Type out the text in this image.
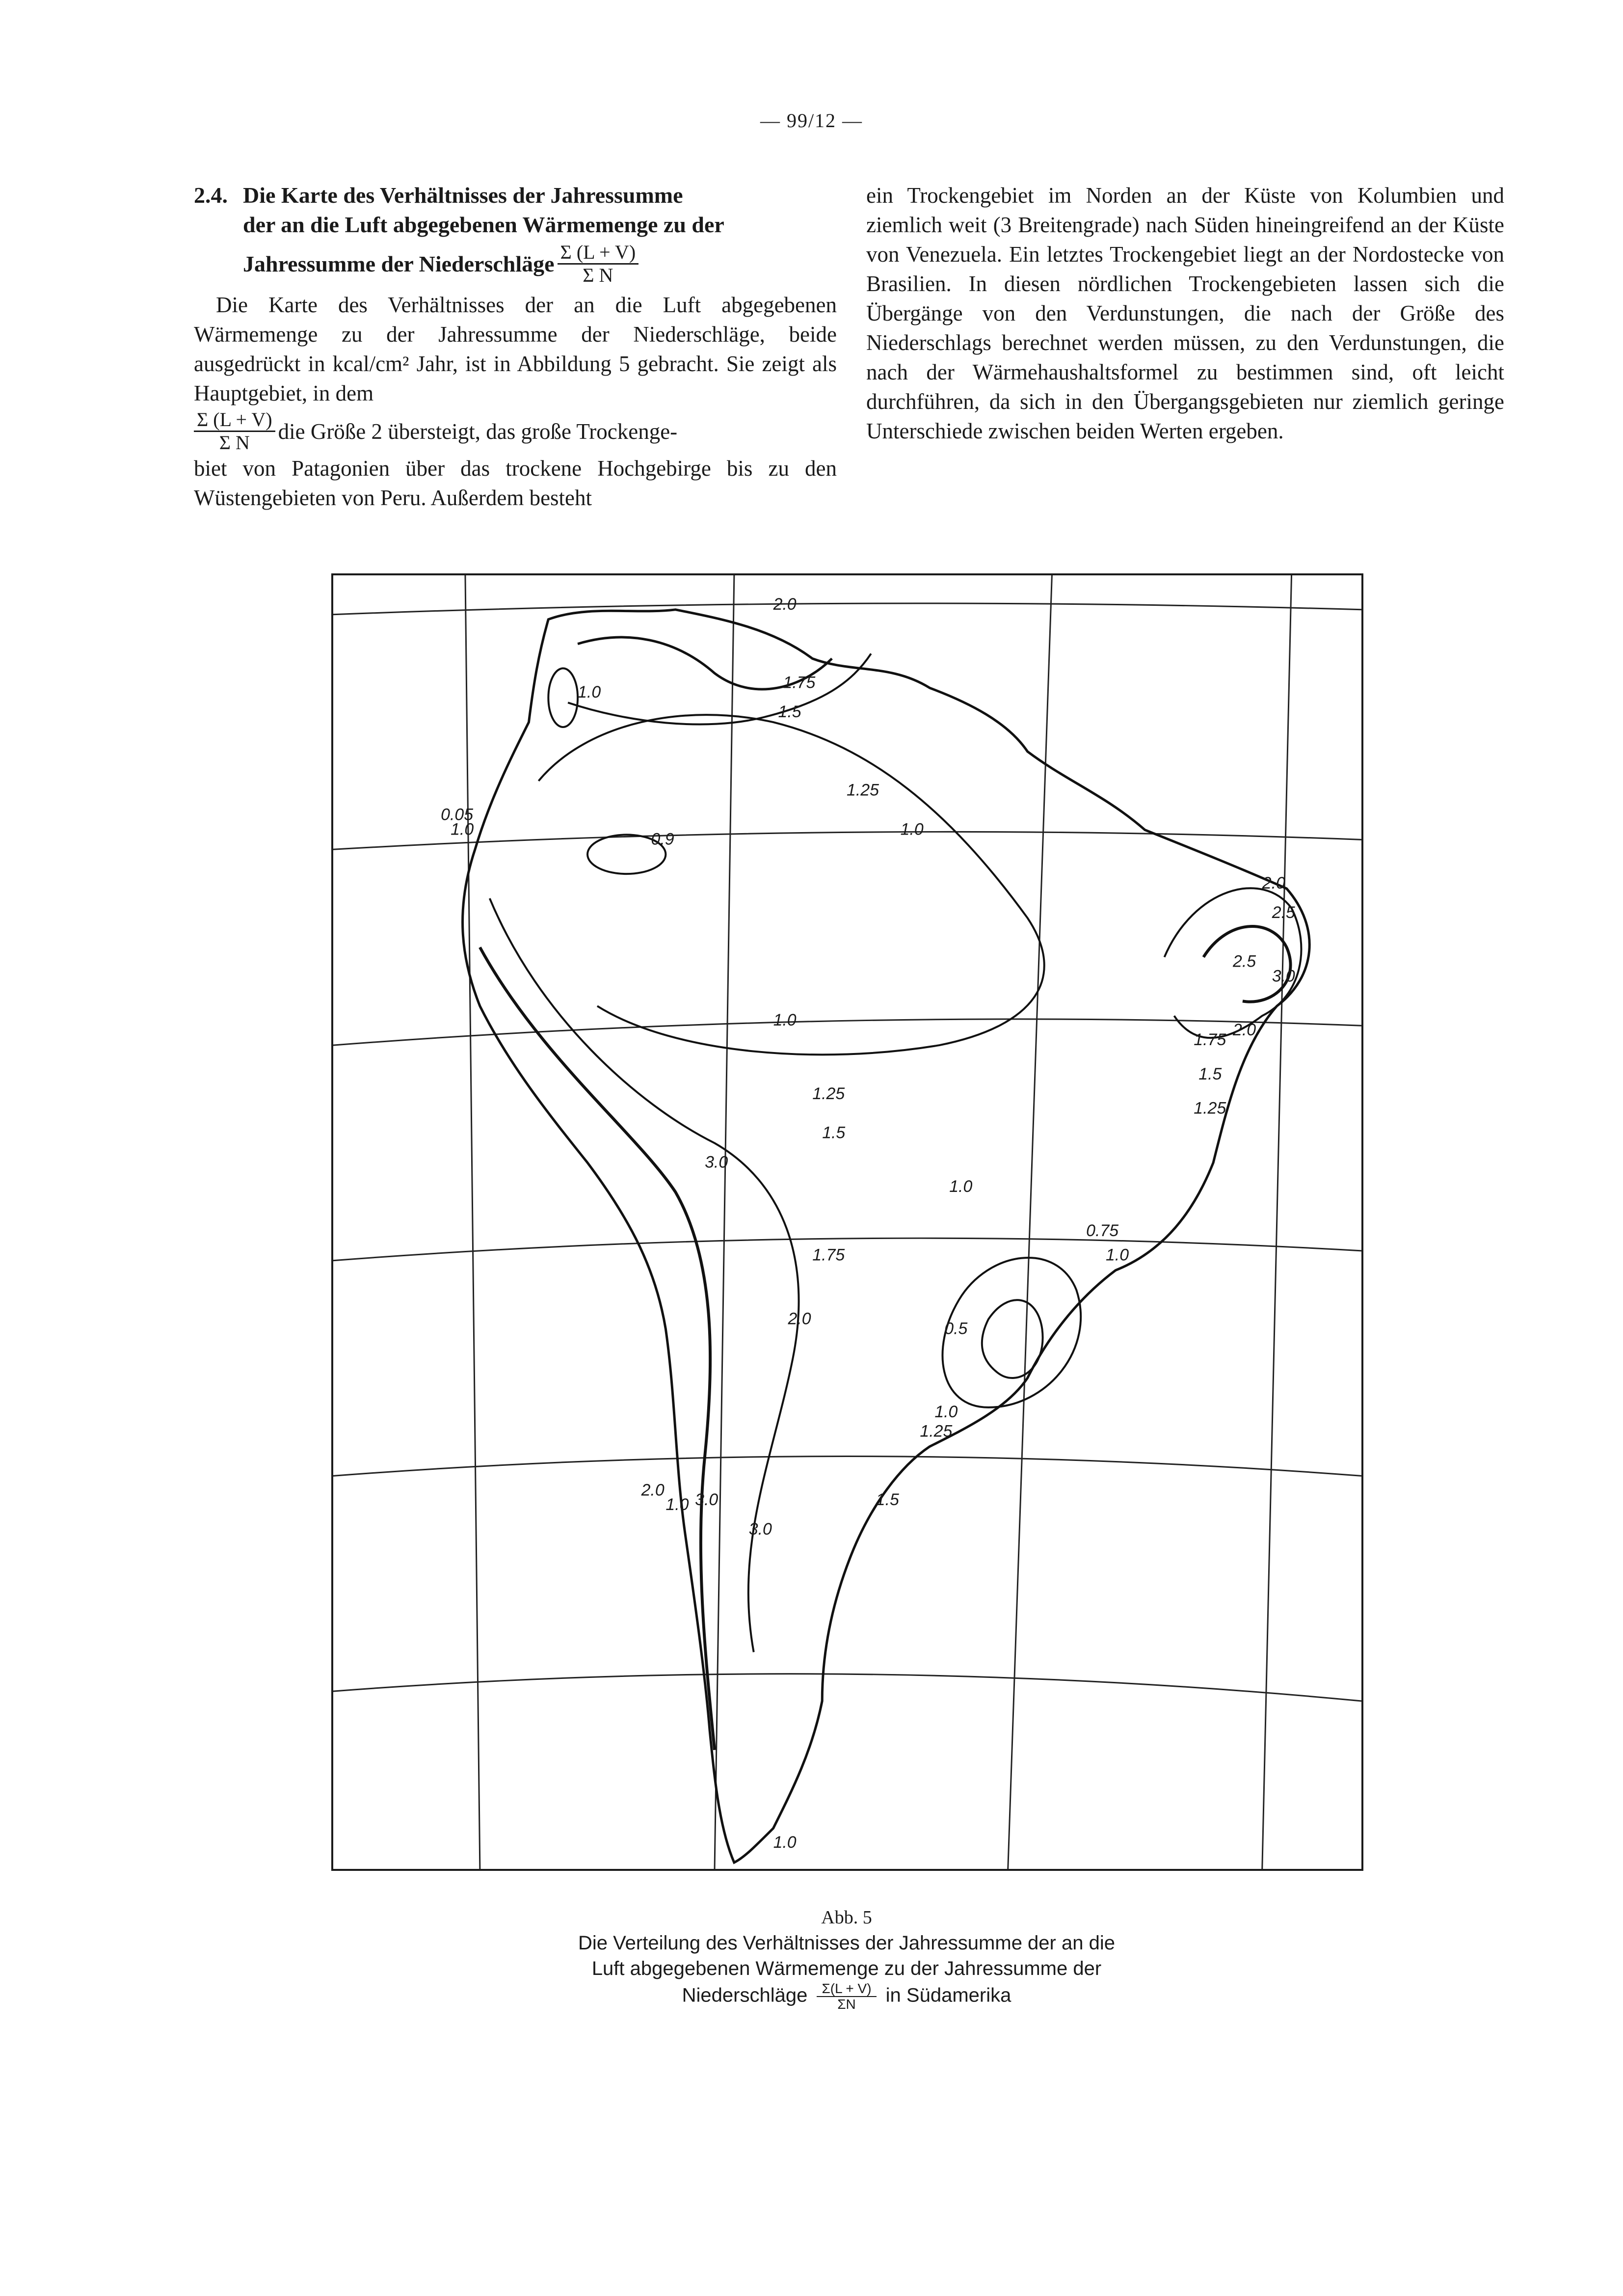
— 99/12 —
2.4. Die Karte des Verhältnisses der Jahressumme
der an die Luft abgegebenen Wärmemenge zu der
Jahressumme der Niederschläge $\frac{\Sigma (L + V)}{\text{Σ N}}$

Die Karte des Verhältnisses der an die Luft abgegebenen Wärmemenge zu der Jahressumme der Niederschläge, beide ausgedrückt in kcal/cm² Jahr, ist in Abbildung 5 gebracht. Sie zeigt als Hauptgebiet, in dem

$\frac{\Sigma (L + V)}{\text{Σ N}}$ die Größe 2 übersteigt, das große Trockenge-

biet von Patagonien über das trockene Hochgebirge bis zu den Wüstengebieten von Peru. Außerdem besteht

ein Trockengebiet im Norden an der Küste von Kolumbien und ziemlich weit (3 Breitengrade) nach Süden hineingreifend an der Küste von Venezuela. Ein letztes Trockengebiet liegt an der Nordostecke von Brasilien. In diesen nördlichen Trockengebieten lassen sich die Übergänge von den Verdunstungen, die nach der Größe des Niederschlags berechnet werden müssen, zu den Verdunstungen, die nach der Wärmehaushaltsformel zu bestimmen sind, oft leicht durchführen, da sich in den Übergangsgebieten nur ziemlich geringe Unterschiede zwischen beiden Werten ergeben.

2.0
1.75
1.5
1.0
1.25
0.05
1.0	1.0
0.9
2.0
2.5
2.5
3.0
2.0
1.75
1.5
1.25
1.0
1.25
1.5
3.0
1.75
1.0
0.75
1.0
2.0
0.5
1.0
1.25
1.5
2.0
1.0 3.0
3.0
1.0
Abb. 5
Die Verteilung des Verhältnisses der Jahressumme der an die
Luft abgegebenen Wärmemenge zu der Jahressumme der
Niederschläge $\frac{\Sigma(L + V)}{\Sigma N}$ in Südamerika
